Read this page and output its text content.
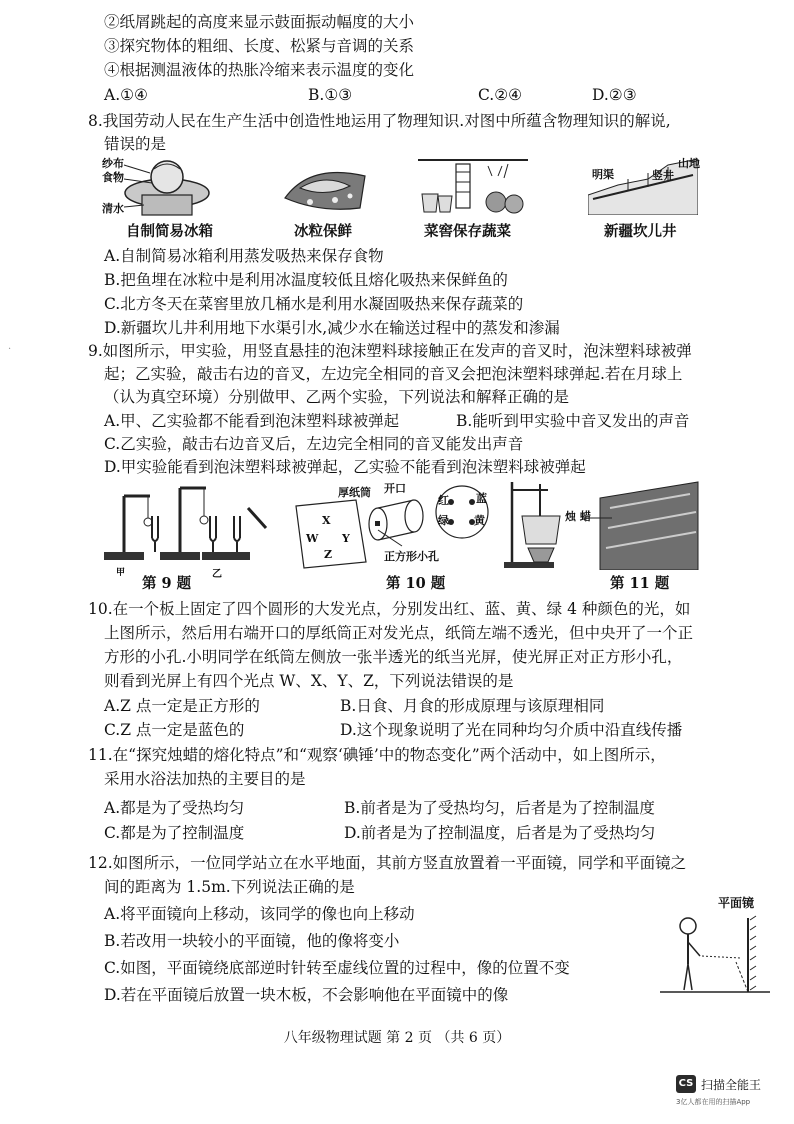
②纸屑跳起的高度来显示鼓面振动幅度的大小
③探究物体的粗细、长度、松紧与音调的关系
④根据测温液体的热胀冷缩来表示温度的变化
A.①④	B.①③	C.②④	D.②③
8.我国劳动人民在生产生活中创造性地运用了物理知识.对图中所蕴含物理知识的解说,
错误的是
纱布
食物
清水
明渠	竖井
山地
自制简易冰箱	冰粒保鲜	菜窖保存蔬菜	新疆坎儿井
A.自制简易冰箱利用蒸发吸热来保存食物
B.把鱼埋在冰粒中是利用冰温度较低且熔化吸热来保鲜鱼的
C.北方冬天在菜窖里放几桶水是利用水凝固吸热来保存蔬菜的
D.新疆坎儿井利用地下水渠引水,减少水在输送过程中的蒸发和渗漏
·	9.如图所示，甲实验，用竖直悬挂的泡沫塑料球接触正在发声的音叉时，泡沫塑料球被弹
起；乙实验，敲击右边的音叉，左边完全相同的音叉会把泡沫塑料球弹起.若在月球上
（认为真空环境）分别做甲、乙两个实验，下列说法和解释正确的是
A.甲、乙实验都不能看到泡沫塑料球被弹起	B.能听到甲实验中音叉发出的声音
C.乙实验，敲击右边音叉后，左边完全相同的音叉能发出声音
D.甲实验能看到泡沫塑料球被弹起，乙实验不能看到泡沫塑料球被弹起
甲	乙
第 9 题
厚纸筒 开口
正方形小孔
X
W Y
Z
红 蓝
绿 黄
第 10 题
烛 蜡
第 11 题
10.在一个板上固定了四个圆形的大发光点，分别发出红、蓝、黄、绿 4 种颜色的光，如
上图所示，然后用右端开口的厚纸筒正对发光点，纸筒左端不透光，但中央开了一个正
方形的小孔.小明同学在纸筒左侧放一张半透光的纸当光屏，使光屏正对正方形小孔，
则看到光屏上有四个光点 W、X、Y、Z，下列说法错误的是
A.Z 点一定是正方形的	B.日食、月食的形成原理与该原理相同
C.Z 点一定是蓝色的	D.这个现象说明了光在同种均匀介质中沿直线传播
11.在“探究烛蜡的熔化特点”和“观察‘碘锤’中的物态变化”两个活动中，如上图所示，
采用水浴法加热的主要目的是
A.都是为了受热均匀	B.前者是为了受热均匀，后者是为了控制温度
C.都是为了控制温度	D.前者是为了控制温度，后者是为了受热均匀
12.如图所示，一位同学站立在水平地面，其前方竖直放置着一平面镜，同学和平面镜之
间的距离为 1.5m.下列说法正确的是
A.将平面镜向上移动，该同学的像也向上移动
B.若改用一块较小的平面镜，他的像将变小
C.如图，平面镜绕底部逆时针转至虚线位置的过程中，像的位置不变
D.若在平面镜后放置一块木板，不会影响他在平面镜中的像
平面镜
八年级物理试题 第 2 页 （共 6 页）
CS 扫描全能王
3亿人都在用的扫描App
